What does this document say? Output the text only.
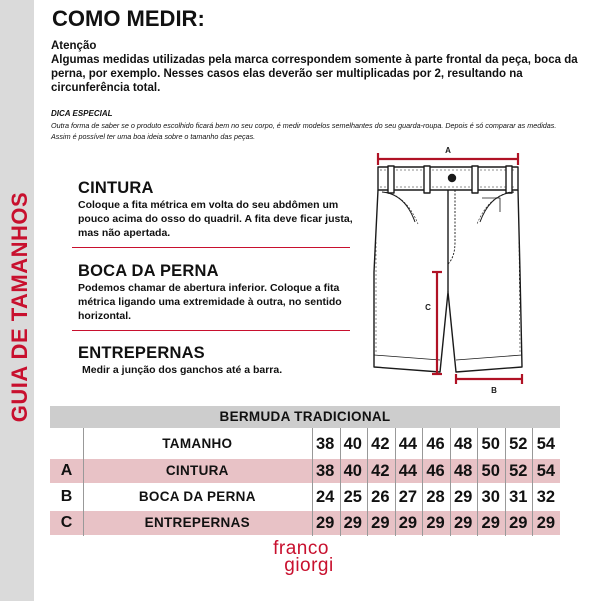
GUIA DE TAMANHOS
COMO MEDIR:
Atenção
Algumas medidas utilizadas pela marca correspondem somente à parte frontal da peça, boca da perna, por exemplo. Nesses casos elas deverão ser multiplicadas por 2, resultando na circunferência total.
DICA ESPECIAL
Outra forma de saber se o produto escolhido ficará bem no seu corpo, é medir modelos semelhantes do seu guarda-roupa. Depois é só comparar as medidas. Assim é possível ter uma boa ideia sobre o tamanho das peças.
CINTURA
Coloque a fita métrica em volta do seu abdômen um pouco acima do osso do quadril. A fita deve ficar justa, mas não apertada.
BOCA DA PERNA
Podemos chamar de abertura inferior. Coloque a fita métrica ligando uma extremidade à outra, no sentido horizontal.
ENTREPERNAS
Medir a junção dos ganchos até a barra.
A
B
C
BERMUDA TRADICIONAL
TAMANHO	38 40 42 44 46 48 50 52 54
A	CINTURA	38 40 42 44 46 48 50 52 54
B	BOCA DA PERNA	24 25 26 27 28 29 30 31 32
C	ENTREPERNAS	29 29 29 29 29 29 29 29 29
franco
giorgi
